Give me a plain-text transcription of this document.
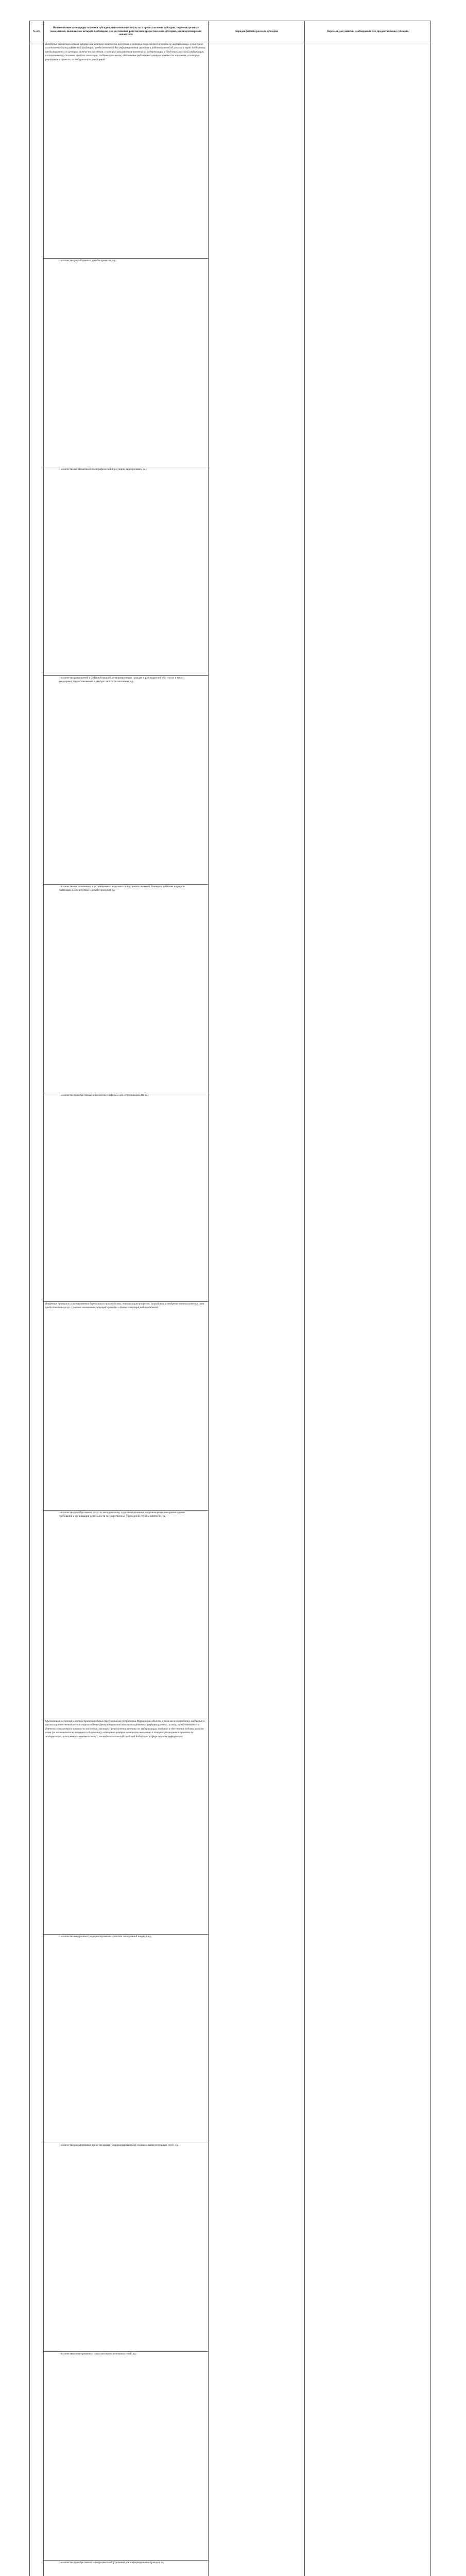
№ п/п	Наименование цели предоставления субсидии, наименование результата предоставления субсидии, перечень целевых показателей, выполнение которых необходимо для достижения результатов предоставления субсидии, единица измерения показателя	Порядок расчета размера субсидии	Перечень документов, необходимых для предоставления субсидии

Внедрение фирменного стиля оформления центров занятости населения, в которых реализуются проекты по модернизации, в том числе изготовление полиграфической продукции, предназначенной для информирования граждан и работодателей об услугах и мерах поддержки, предоставляемых в центрах занятости населения, о которых реализуются проекты по модернизации, в средствах массовой информации, изготовление и установка средств навигации, табличек и вывесок, обеспечение работников центров занятости населения, в которых реализуются проекты по модернизации, униформой
- количество разработанных дизайн-проектов, ед.;
- количество изготовленной полиграфической продукции, видеороликов, ед.;
- количество размещений в СМИ публикаций, информирующих граждан и работодателей об услугах и мерах поддержки, предоставляемых в центрах занятости населения, ед.;
- количество изготовленных и установленных наружных и внутренних вывесок, баннеров, табличек и средств навигации в соответствии с дизайн-проектом, ед.
- количество приобретенных комплектов униформы для сотрудников ЦЗН, ед.;
Внедрение принципов и инструментов бережливого производства, оптимизация процессов, разработка и внедрение технологических схем предоставления услуг с учетом жизненных ситуаций граждан и бизнес-ситуаций работодателей:
- количество приобретенных услуг по методическому и организационному сопровождению внедрения единых требований к организации деятельности государственных учреждений службы занятости, ед.
Организация внедрения и распространения единых требований на территории Мурманской области, в том числе разработку, внедрение и организационно-методическое сопровождение функционирования автоматизированных информационных систем, задействованных в деятельности центров занятости населения, в которых реализуются проекты по модернизации, создание и обеспечение работы каналов связи (за исключением на текущего содержания), оснащение центров занятости населения, в которых реализуются проекты по модернизации, оснащенных в соответствии с законодательством Российской Федерации в сфере защиты информации:
- количество внедренных (модернизированных) систем электронной очереди, ед.;
- количество разработанных проектов новых (модернизированных) локально-вычислительных сетей, ед.;
- количество смонтированных локально-вычислительных сетей, ед.;
- количество приобретенного электронного оборудования для информирования граждан, ед.
